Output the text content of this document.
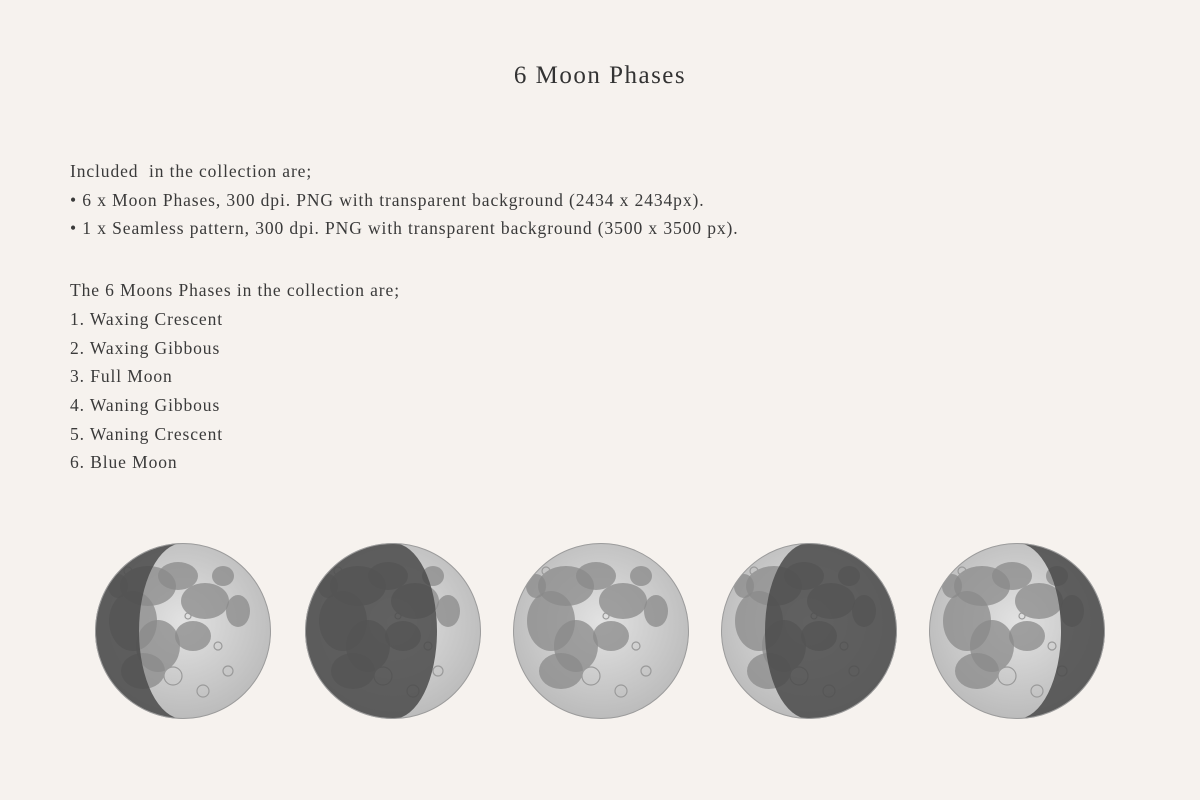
6 Moon Phases
Included  in the collection are;
• 6 x Moon Phases, 300 dpi. PNG with transparent background (2434 x 2434px).
• 1 x Seamless pattern, 300 dpi. PNG with transparent background (3500 x 3500 px).
The 6 Moons Phases in the collection are;
1. Waxing Crescent
2. Waxing Gibbous
3. Full Moon
4. Waning Gibbous
5. Waning Crescent
6. Blue Moon
